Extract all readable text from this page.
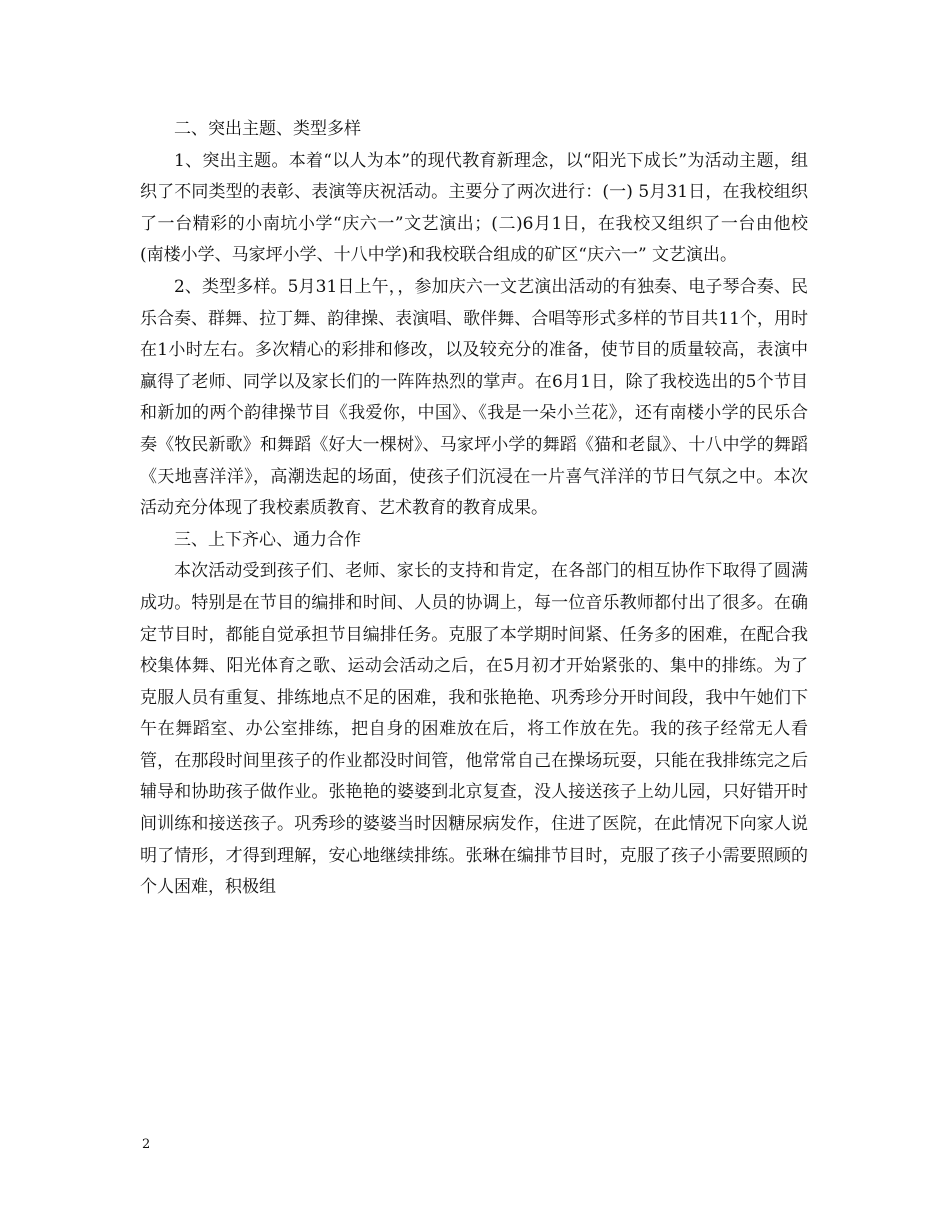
二、突出主题、类型多样

1、突出主题。本着“以人为本”的现代教育新理念，以“阳光下成长”为活动主题，组织了不同类型的表彰、表演等庆祝活动。主要分了两次进行：(一) 5月31日，在我校组织了一台精彩的小南坑小学“庆六一”文艺演出；(二)6月1日，在我校又组织了一台由他校(南楼小学、马家坪小学、十八中学)和我校联合组成的矿区“庆六一” 文艺演出。

2、类型多样。5月31日上午，，参加庆六一文艺演出活动的有独奏、电子琴合奏、民乐合奏、群舞、拉丁舞、韵律操、表演唱、歌伴舞、合唱等形式多样的节目共11个，用时在1小时左右。多次精心的彩排和修改，以及较充分的准备，使节目的质量较高，表演中赢得了老师、同学以及家长们的一阵阵热烈的掌声。在6月1日，除了我校选出的5个节目和新加的两个韵律操节目《我爱你，中国》、《我是一朵小兰花》，还有南楼小学的民乐合奏《牧民新歌》和舞蹈《好大一棵树》、马家坪小学的舞蹈《猫和老鼠》、十八中学的舞蹈《天地喜洋洋》，高潮迭起的场面，使孩子们沉浸在一片喜气洋洋的节日气氛之中。本次活动充分体现了我校素质教育、艺术教育的教育成果。

三、上下齐心、通力合作

本次活动受到孩子们、老师、家长的支持和肯定，在各部门的相互协作下取得了圆满成功。特别是在节目的编排和时间、人员的协调上，每一位音乐教师都付出了很多。在确定节目时，都能自觉承担节目编排任务。克服了本学期时间紧、任务多的困难，在配合我校集体舞、阳光体育之歌、运动会活动之后，在5月初才开始紧张的、集中的排练。为了克服人员有重复、排练地点不足的困难，我和张艳艳、巩秀珍分开时间段，我中午她们下午在舞蹈室、办公室排练，把自身的困难放在后，将工作放在先。我的孩子经常无人看管，在那段时间里孩子的作业都没时间管，他常常自己在操场玩耍，只能在我排练完之后辅导和协助孩子做作业。张艳艳的婆婆到北京复查，没人接送孩子上幼儿园，只好错开时间训练和接送孩子。巩秀珍的婆婆当时因糖尿病发作，住进了医院，在此情况下向家人说明了情形，才得到理解，安心地继续排练。张琳在编排节目时，克服了孩子小需要照顾的个人困难，积极组

2
